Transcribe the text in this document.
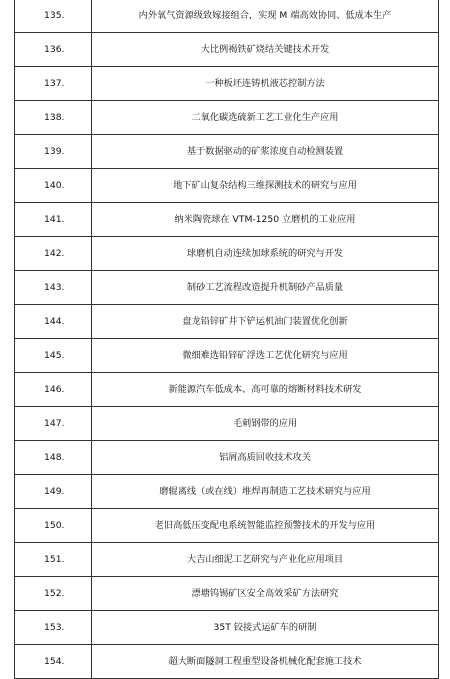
135.	内外氧气资源级致嫁接组合，实现 M 端高效协同、低成本生产
136.	大比例褐铁矿烧结关键技术开发
137.	一种板坯连铸机液芯控制方法
138.	二氧化碳选硫新工艺工业化生产应用
139.	基于数据驱动的矿浆浓度自动检测装置
140.	地下矿山复杂结构三维探测技术的研究与应用
141.	纳米陶瓷球在 VTM-1250 立磨机的工业应用
142.	球磨机自动连续加球系统的研究与开发
143.	制砂工艺流程改造提升机制砂产品质量
144.	盘龙铅锌矿井下铲运机油门装置优化创新
145.	微细难选铅锌矿浮选工艺优化研究与应用
146.	新能源汽车低成本、高可靠的熔断材料技术研发
147.	毛刺钢带的应用
148.	铝屑高质回收技术攻关
149.	磨辊离线（或在线）堆焊再制造工艺技术研究与应用
150.	老旧高低压变配电系统智能监控预警技术的开发与应用
151.	大吉山细泥工艺研究与产业化应用项目
152.	漂塘钨锡矿区安全高效采矿方法研究
153.	35T 铰接式运矿车的研制
154.	超大断面隧洞工程重型设备机械化配套施工技术
